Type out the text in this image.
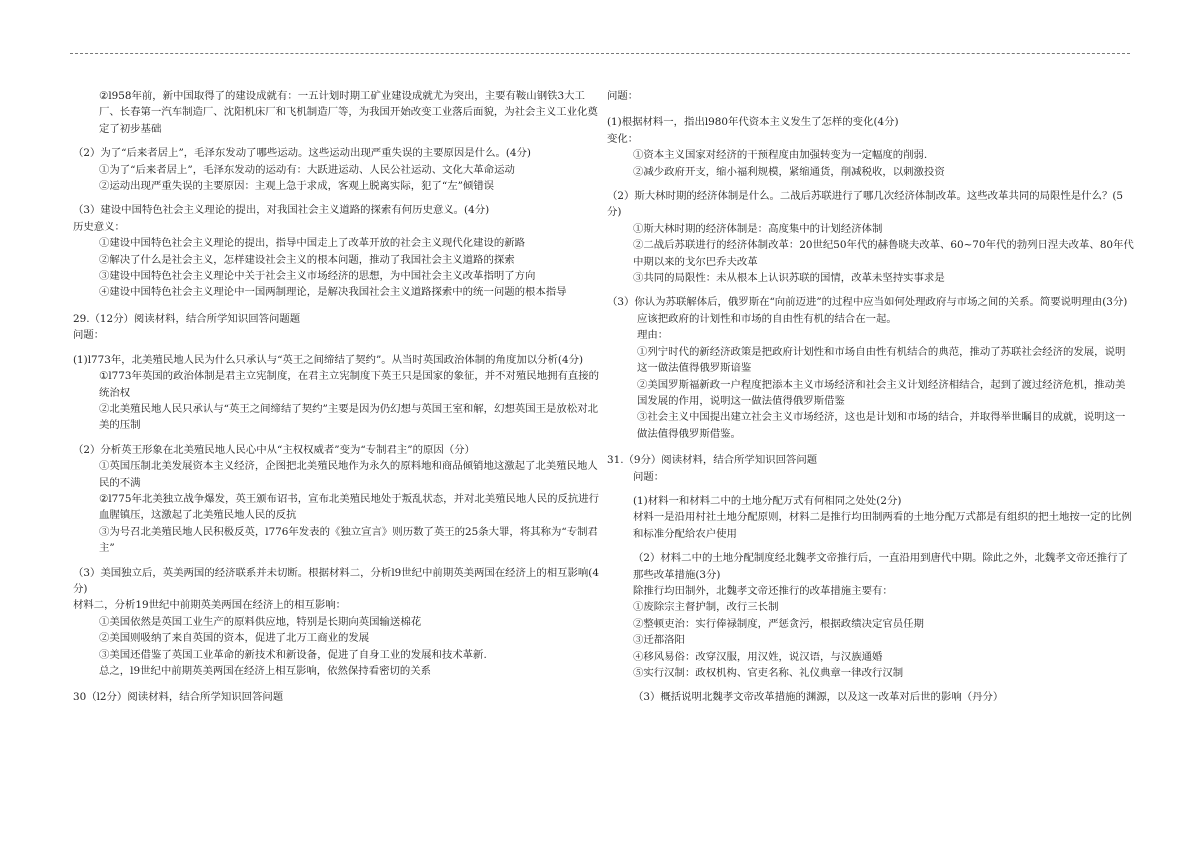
②l958年前，新中国取得了的建设成就有：一五计划时期工矿业建设成就尤为突出，主要有鞍山钢铁3大工厂、长春第一汽车制造厂、沈阳机床厂和飞机制造厂等，为我国开始改变工业落后面貌，为社会主义工业化奠定了初步基础
（2）为了“后来者居上”，毛泽东发动了哪些运动。这些运动出现严重失误的主要原因是什么。(4分)
①为了“后来者居上”，毛泽东发动的运动有：大跃进运动、人民公社运动、文化大革命运动
②运动出现严重失误的主要原因：主观上急于求成，客观上脱离实际，犯了“左”倾错误
（3）建设中国特色社会主义理论的提出，对我国社会主义道路的探索有何历史意义。(4分)
历史意义：
①建设中国特色社会主义理论的提出，指导中国走上了改革开放的社会主义现代化建设的新路
②解决了什么是社会主义，怎样建设社会主义的根本问题，推动了我国社会主义道路的探索
③建设中国特色社会主义理论中关于社会主义市场经济的思想，为中国社会主义改革指明了方向
④建设中国特色社会主义理论中一国两制理论，是解决我国社会主义道路探索中的统一问题的根本指导
29.（12分）阅读材料，结合所学知识回答问题题
问题：
(1)l773年，北美殖民地人民为什么只承认与“英王之间缔结了契约”。从当时英国政治体制的角度加以分析(4分)
①l773年英国的政治体制是君主立宪制度，在君主立宪制度下英王只是国家的象征，并不对殖民地拥有直接的统治权
②北美殖民地人民只承认与“英王之间缔结了契约”主要是因为仍幻想与英国王室和解，幻想英国王是放松对北美的压制
（2）分析英王形象在北美殖民地人民心中从“主权权威者”变为“专制君主”的原因（分）
①英国压制北美发展资本主义经济，企图把北美殖民地作为永久的原料地和商品倾销地这激起了北美殖民地人民的不满
②l775年北美独立战争爆发，英王颁布诏书，宣布北美殖民地处于叛乱状态，并对北美殖民地人民的反抗进行血腥镇压，这激起了北美殖民地人民的反抗
③为号召北美殖民地人民积极反英，l776年发表的《独立宣言》则历数了英王的25条大罪，将其称为“专制君主”
（3）美国独立后，英美两国的经济联系并未切断。根据材料二，分析l9世纪中前期英美两国在经济上的相互影响(4分)
材料二，分析19世纪中前期英美两国在经济上的相互影响：
①美国依然是英国工业生产的原料供应地，特别是长期向英国输送棉花
②美国则吸纳了来自英国的资本，促进了北万工商业的发展
③美国还借鉴了英国工业革命的新技术和新设备，促进了自身工业的发展和技术革新.
总之，l9世纪中前期英美两国在经济上相互影响，依然保持看密切的关系
30（l2分）阅读材料，结合所学知识回答问题
问题：
(1)根据材料一，指出l980年代资本主义发生了怎样的变化(4分)
变化：
①资本主义国家对经济的干预程度由加强转变为一定幅度的削弱.
②减少政府开支，缩小福利规模，紧缩通货，削减税收，以刺激投资
（2）斯大林时期的经济体制是什么。二战后苏联进行了哪几次经济体制改革。这些改革共同的局限性是什么？(5分)
①斯大林时期的经济体制是：高度集中的计划经济体制
②二战后苏联进行的经济体制改革：20世纪50年代的赫鲁晓夫改革、60~70年代的勃列日涅夫改革、80年代中期以来的戈尔巴乔夫改革
③共同的局限性：未从根本上认识苏联的国情，改革未坚持实事求是
（3）你认为苏联解体后，俄罗斯在“向前迈进”的过程中应当如何处理政府与市场之间的关系。简要说明理由(3分)
应该把政府的计划性和市场的自由性有机的结合在一起。
理由：
①列宁时代的新经济政策是把政府计划性和市场自由性有机结合的典范，推动了苏联社会经济的发展，说明这一做法值得俄罗斯谙鉴
②美国罗斯福新政一户程度把添本主义市场经济和社会主义计划经济相结合，起到了渡过经济危机，推动美国发展的作用，说明这一做法值得俄罗斯借鉴
③社会主义中国提出建立社会主义市场经济，这也是计划和市场的结合，并取得举世瞩目的成就，说明这一做法值得俄罗斯借鉴。
31.（9分）阅读材料，结合所学知识回答问题
问题：
(1)材料一和材料二中的土地分配万式有何相同之处处(2分)
材料一是沿用村社土地分配原则，材料二是推行均田制两看的土地分配万式都是有组织的把土地按一定的比例和标准分配给农户使用
（2）材料二中的土地分配制度经北魏孝文帝推行后，一直沿用到唐代中期。除此之外，北魏孝文帝还推行了那些改革措施(3分)
除推行均田制外，北魏孝文帝还推行的改革措施主要有：
①废除宗主督护制，改行三长制
②整顿吏治：实行俸禄制度，严惩贪污，根据政绩决定官员任期
③迁都洛阳
④移风易俗：改穿汉服，用汉姓，说汉语，与汉族通婚
⑤实行汉制：政权机构、官吏名称、礼仪典章一律改行汉制
（3）概括说明北魏孝文帝改革措施的渊源，以及这一改革对后世的影响（丹分）
